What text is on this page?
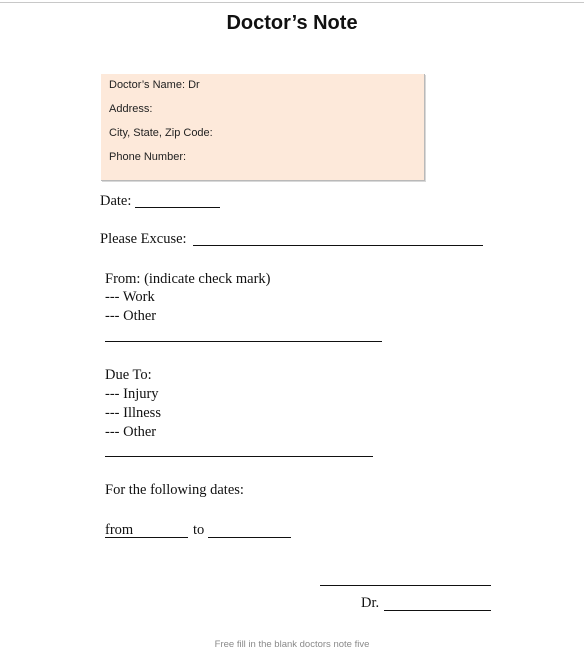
Doctor’s Note
Doctor’s Name: Dr
Address:
City, State, Zip Code:
Phone Number:
Date:
Please Excuse:
From: (indicate check mark)
--- Work
--- Other
Due To:
--- Injury
--- Illness
--- Other
For the following dates:
from	to
Dr.
Free fill in the blank doctors note five
